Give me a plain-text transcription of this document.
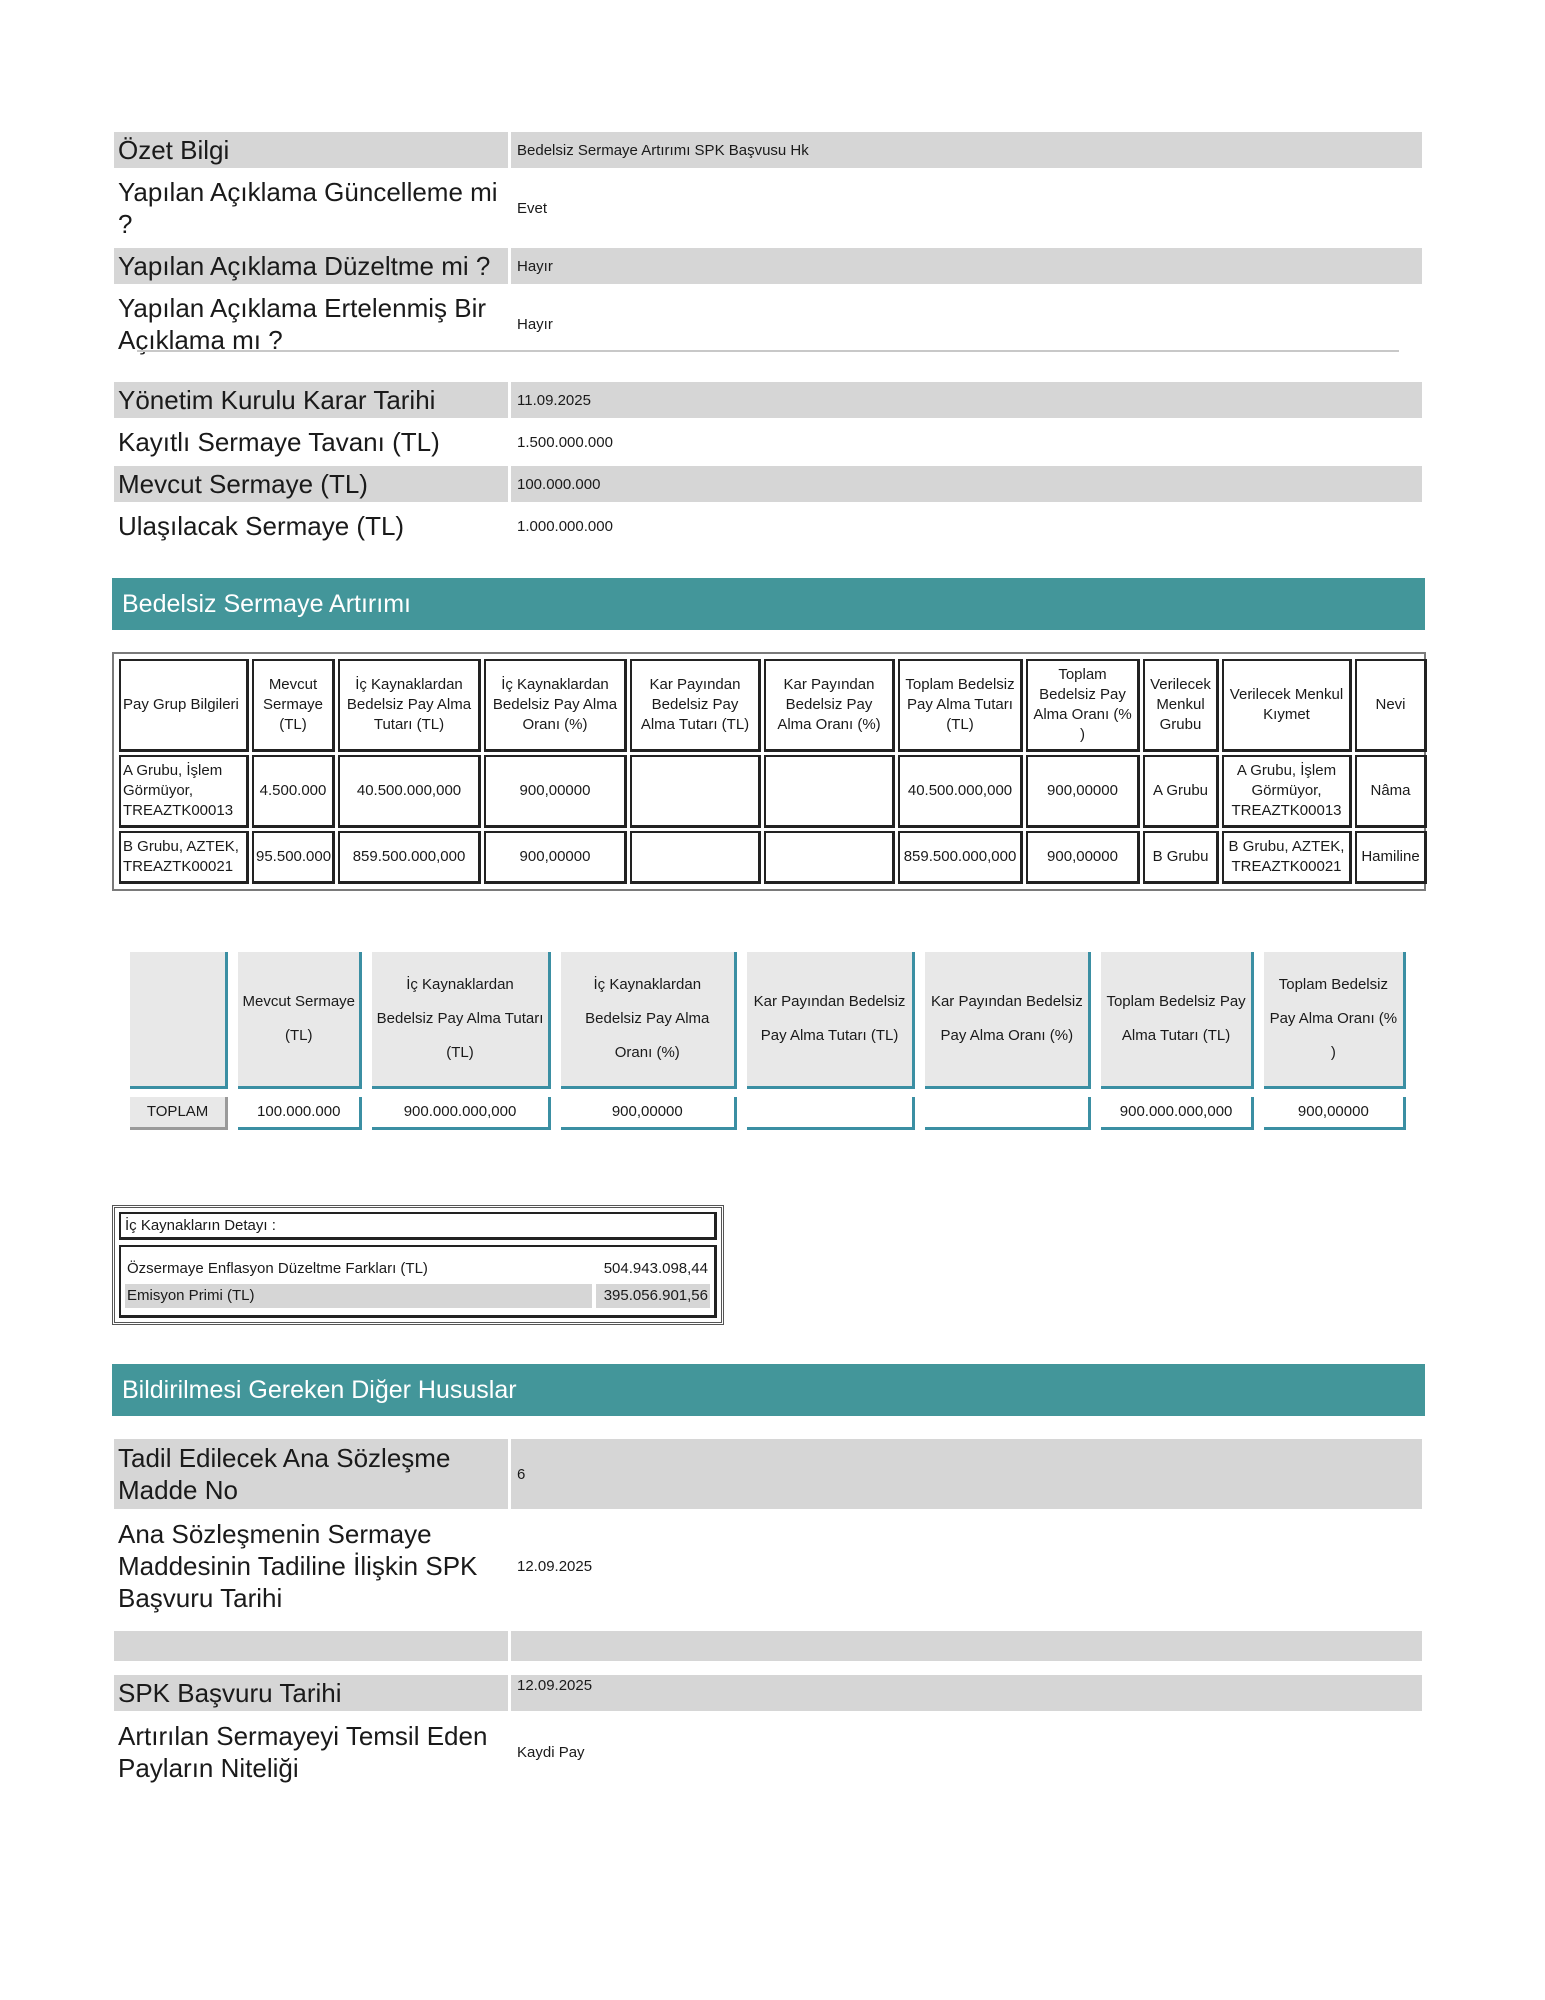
Özet Bilgi	Bedelsiz Sermaye Artırımı SPK Başvusu Hk
Yapılan Açıklama Güncelleme mi ?	Evet
Yapılan Açıklama Düzeltme mi ?	Hayır
Yapılan Açıklama Ertelenmiş Bir Açıklama mı ?	Hayır
Yönetim Kurulu Karar Tarihi	11.09.2025
Kayıtlı Sermaye Tavanı (TL)	1.500.000.000
Mevcut Sermaye (TL)	100.000.000
Ulaşılacak Sermaye (TL)	1.000.000.000
Bedelsiz Sermaye Artırımı
Pay Grup Bilgileri	Mevcut Sermaye (TL)	İç Kaynaklardan Bedelsiz Pay Alma Tutarı (TL)	İç Kaynaklardan Bedelsiz Pay Alma Oranı (%)	Kar Payından Bedelsiz Pay Alma Tutarı (TL)	Kar Payından Bedelsiz Pay Alma Oranı (%)	Toplam Bedelsiz Pay Alma Tutarı (TL)	Toplam Bedelsiz Pay Alma Oranı (% )	Verilecek Menkul Grubu	Verilecek Menkul Kıymet	Nevi
A Grubu, İşlem Görmüyor, TREAZTK00013	4.500.000	40.500.000,000	900,00000			40.500.000,000	900,00000	A Grubu	A Grubu, İşlem Görmüyor, TREAZTK00013	Nâma
B Grubu, AZTEK, TREAZTK00021	95.500.000	859.500.000,000	900,00000			859.500.000,000	900,00000	B Grubu	B Grubu, AZTEK, TREAZTK00021	Hamiline
	Mevcut Sermaye (TL)	İç Kaynaklardan Bedelsiz Pay Alma Tutarı (TL)	İç Kaynaklardan Bedelsiz Pay Alma Oranı (%)	Kar Payından Bedelsiz Pay Alma Tutarı (TL)	Kar Payından Bedelsiz Pay Alma Oranı (%)	Toplam Bedelsiz Pay Alma Tutarı (TL)	Toplam Bedelsiz Pay Alma Oranı (% )
TOPLAM	100.000.000	900.000.000,000	900,00000			900.000.000,000	900,00000
İç Kaynakların Detayı :
Özsermaye Enflasyon Düzeltme Farkları (TL)	504.943.098,44
Emisyon Primi (TL)	395.056.901,56
Bildirilmesi Gereken Diğer Hususlar
Tadil Edilecek Ana Sözleşme Madde No	6
Ana Sözleşmenin Sermaye Maddesinin Tadiline İlişkin SPK Başvuru Tarihi	12.09.2025

SPK Başvuru Tarihi	12.09.2025
Artırılan Sermayeyi Temsil Eden Payların Niteliği	Kaydi Pay
